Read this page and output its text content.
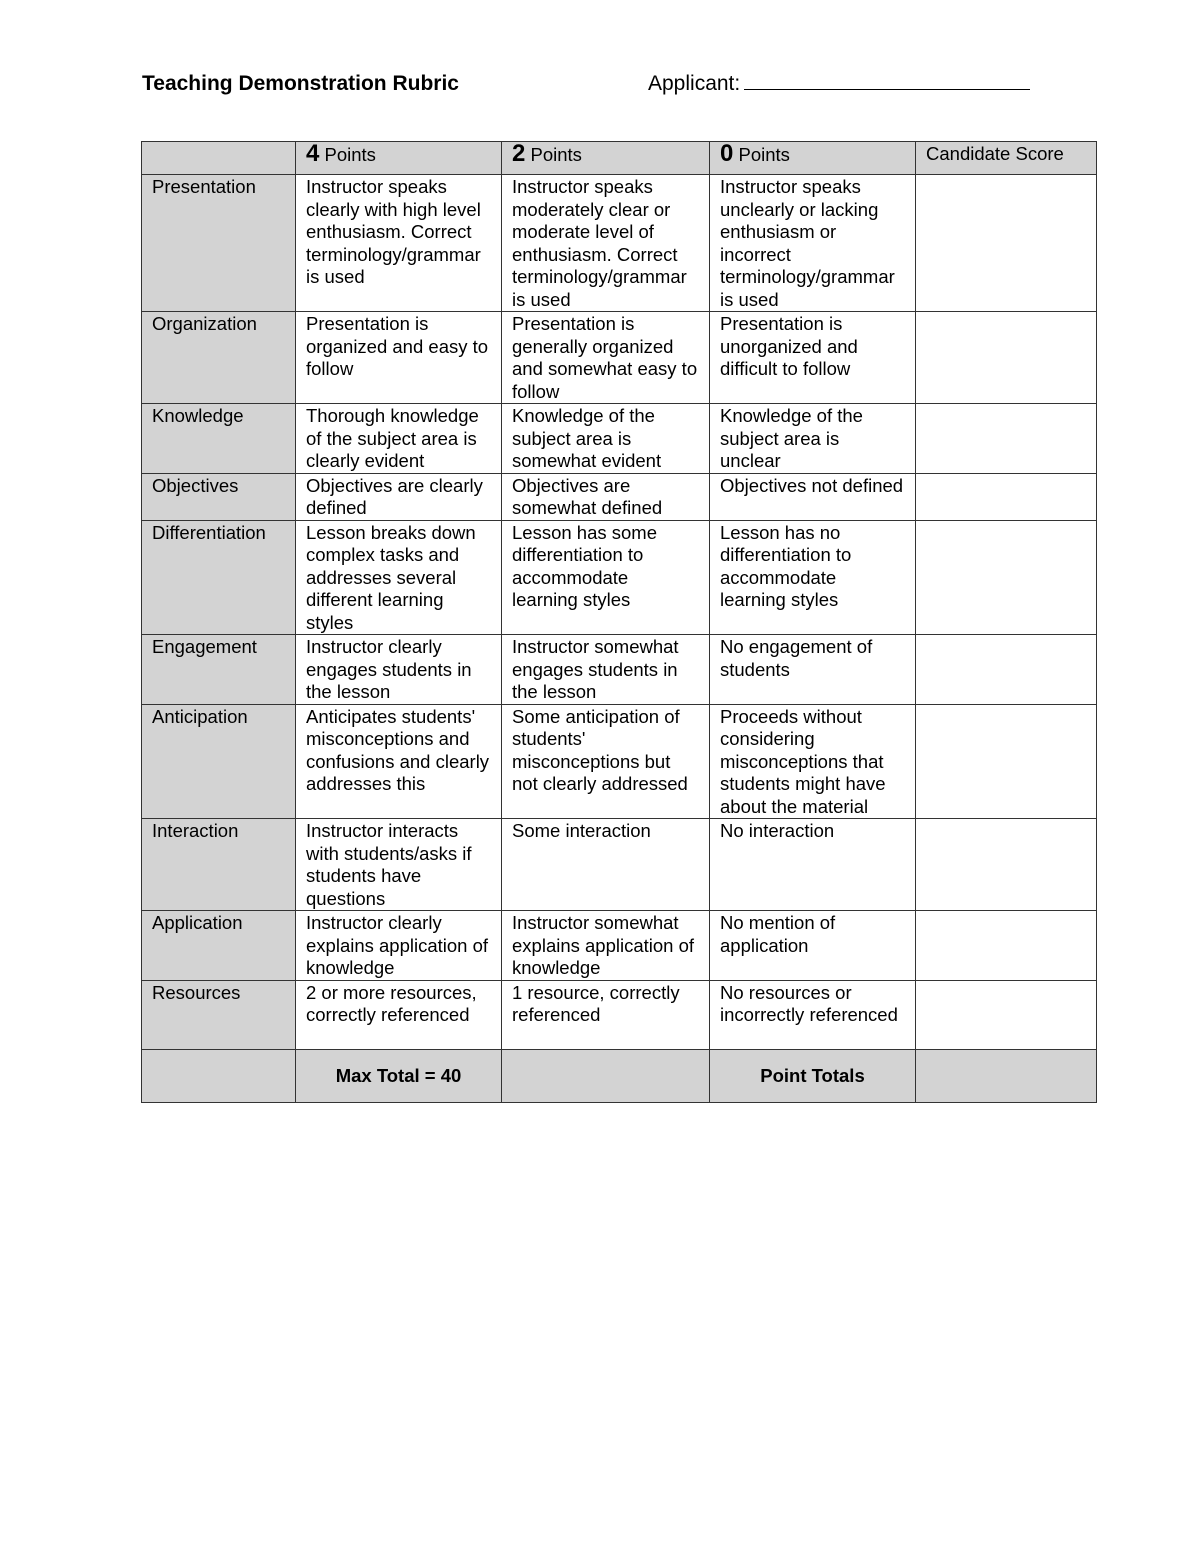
Teaching Demonstration Rubric	Applicant:
	4 Points	2 Points	0 Points	Candidate Score
Presentation	Instructor speaks clearly with high level enthusiasm. Correct terminology/grammar is used	Instructor speaks moderately clear or moderate level of enthusiasm. Correct terminology/grammar is used	Instructor speaks unclearly or lacking enthusiasm or incorrect terminology/grammar is used	
Organization	Presentation is organized and easy to follow	Presentation is generally organized and somewhat easy to follow	Presentation is unorganized and difficult to follow	
Knowledge	Thorough knowledge of the subject area is clearly evident	Knowledge of the subject area is somewhat evident	Knowledge of the subject area is unclear	
Objectives	Objectives are clearly defined	Objectives are somewhat defined	Objectives not defined	
Differentiation	Lesson breaks down complex tasks and addresses several different learning styles	Lesson has some differentiation to accommodate learning styles	Lesson has no differentiation to accommodate learning styles	
Engagement	Instructor clearly engages students in the lesson	Instructor somewhat engages students in the lesson	No engagement of students	
Anticipation	Anticipates students' misconceptions and confusions and clearly addresses this	Some anticipation of students' misconceptions but not clearly addressed	Proceeds without considering misconceptions that students might have about the material	
Interaction	Instructor interacts with students/asks if students have questions	Some interaction	No interaction	
Application	Instructor clearly explains application of knowledge	Instructor somewhat explains application of knowledge	No mention of application	
Resources	2 or more resources, correctly referenced	1 resource, correctly referenced	No resources or incorrectly referenced	
	Max Total = 40		Point Totals	
